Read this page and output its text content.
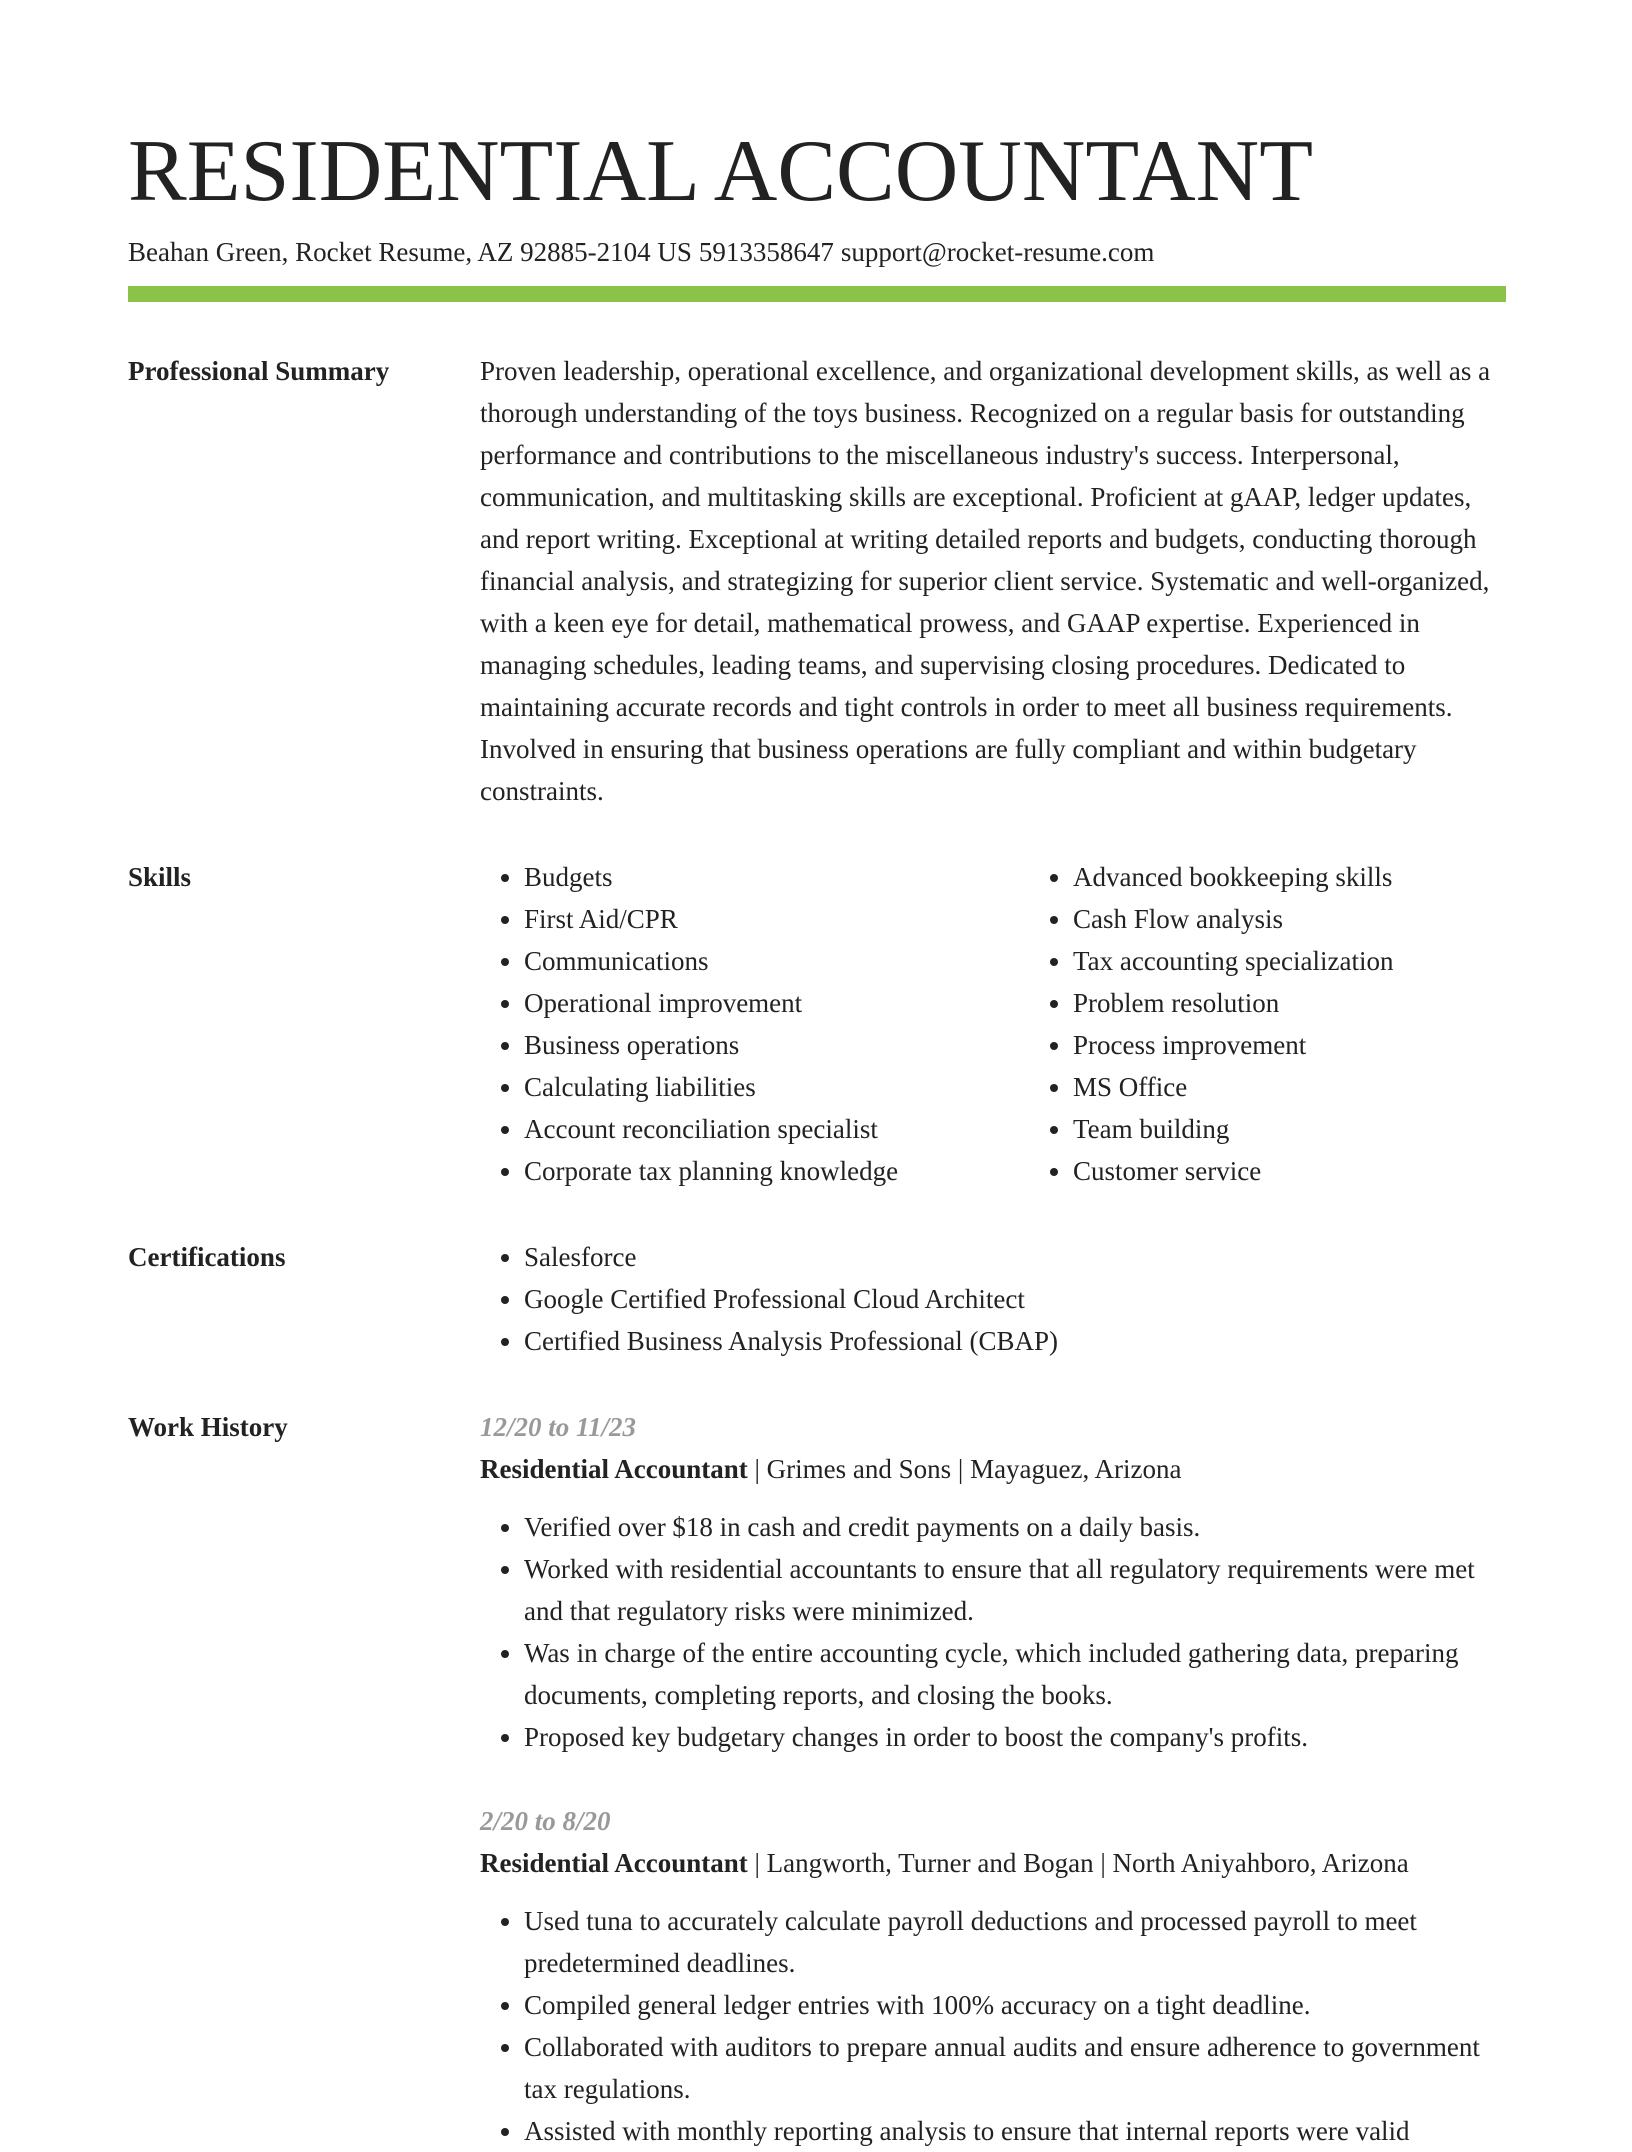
RESIDENTIAL ACCOUNTANT
Beahan Green, Rocket Resume, AZ 92885-2104 US 5913358647 support@rocket-resume.com
Professional Summary	Proven leadership, operational excellence, and organizational development skills, as well as a thorough understanding of the toys business. Recognized on a regular basis for outstanding performance and contributions to the miscellaneous industry's success. Interpersonal, communication, and multitasking skills are exceptional. Proficient at gAAP, ledger updates, and report writing. Exceptional at writing detailed reports and budgets, conducting thorough financial analysis, and strategizing for superior client service. Systematic and well-organized, with a keen eye for detail, mathematical prowess, and GAAP expertise. Experienced in managing schedules, leading teams, and supervising closing procedures. Dedicated to maintaining accurate records and tight controls in order to meet all business requirements. Involved in ensuring that business operations are fully compliant and within budgetary constraints.

Skills	• Budgets
• First Aid/CPR
• Communications
• Operational improvement
• Business operations
• Calculating liabilities
• Account reconciliation specialist
• Corporate tax planning knowledge
• Advanced bookkeeping skills
• Cash Flow analysis
• Tax accounting specialization
• Problem resolution
• Process improvement
• MS Office
• Team building
• Customer service
Certifications	• Salesforce
• Google Certified Professional Cloud Architect
• Certified Business Analysis Professional (CBAP)
Work History	12/20 to 11/23
Residential Accountant | Grimes and Sons | Mayaguez, Arizona
• Verified over $18 in cash and credit payments on a daily basis.
• Worked with residential accountants to ensure that all regulatory requirements were met and that regulatory risks were minimized.
• Was in charge of the entire accounting cycle, which included gathering data, preparing documents, completing reports, and closing the books.
• Proposed key budgetary changes in order to boost the company's profits.
2/20 to 8/20
Residential Accountant | Langworth, Turner and Bogan | North Aniyahboro, Arizona
• Used tuna to accurately calculate payroll deductions and processed payroll to meet predetermined deadlines.
• Compiled general ledger entries with 100% accuracy on a tight deadline.
• Collaborated with auditors to prepare annual audits and ensure adherence to government tax regulations.
• Assisted with monthly reporting analysis to ensure that internal reports were valid
